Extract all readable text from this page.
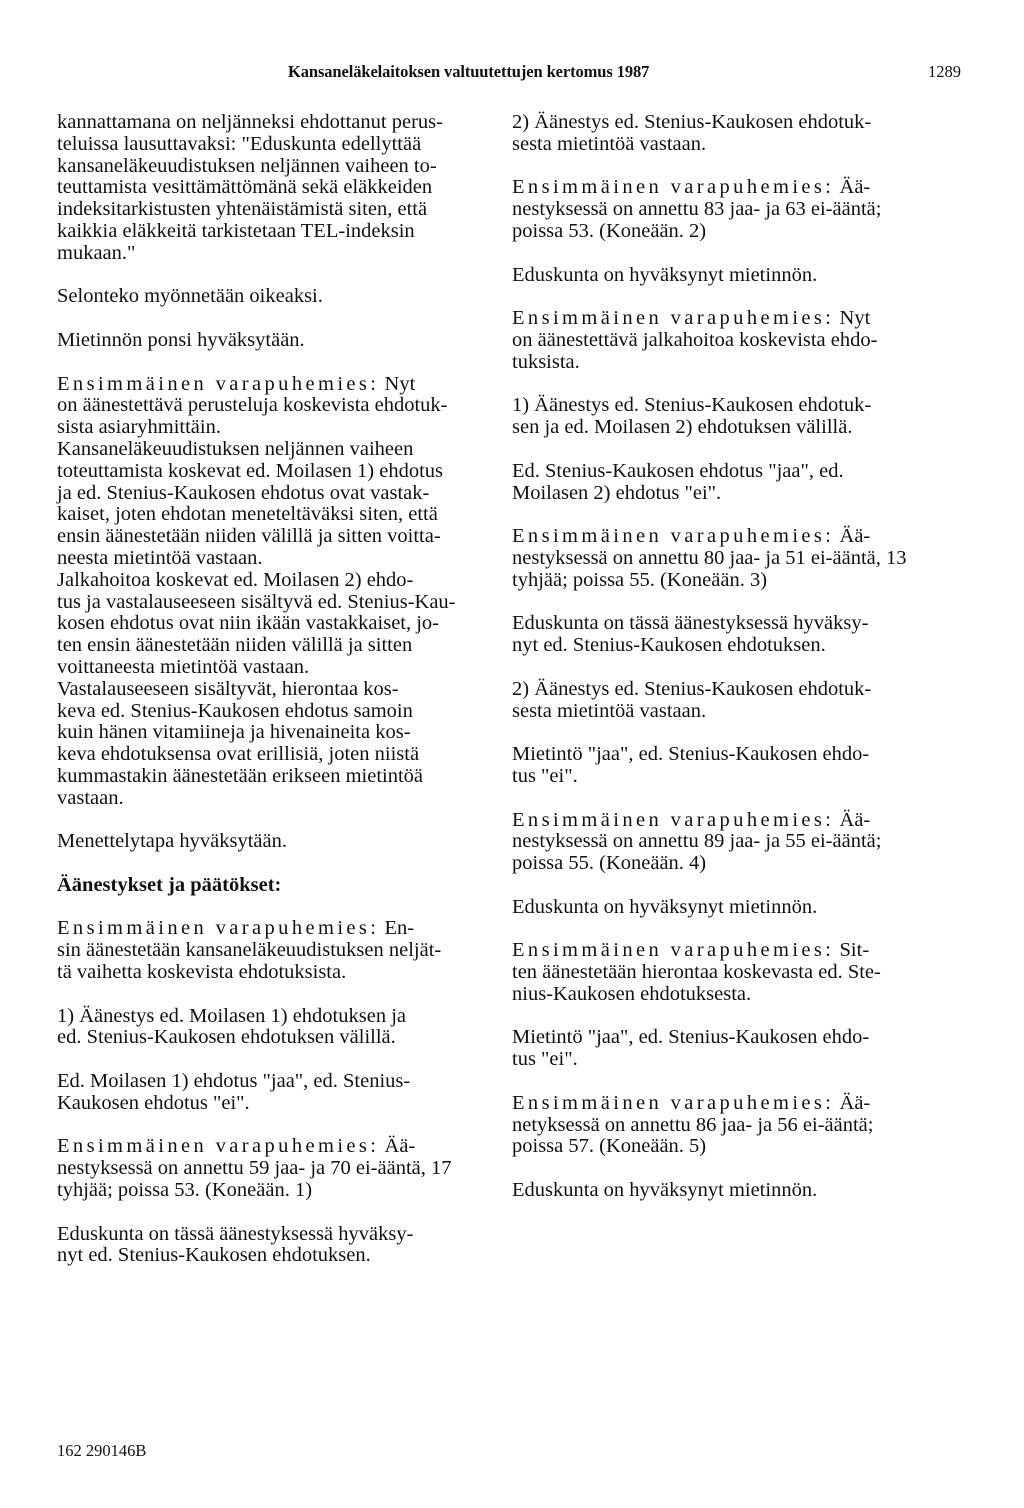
Kansaneläkelaitoksen valtuutettujen kertomus 1987	1289
kannattamana on neljänneksi ehdottanut perus-
teluissa lausuttavaksi: "Eduskunta edellyttää
kansaneläkeuudistuksen neljännen vaiheen to-
teuttamista vesittämättömänä sekä eläkkeiden
indeksitarkistusten yhtenäistämistä siten, että
kaikkia eläkkeitä tarkistetaan TEL-indeksin
mukaan."
Selonteko myönnetään oikeaksi.
Mietinnön ponsi hyväksytään.
Ensimmäinen varapuhemies: Nyt
on äänestettävä perusteluja koskevista ehdotuk-
sista asiaryhmittäin.
Kansaneläkeuudistuksen neljännen vaiheen
toteuttamista koskevat ed. Moilasen 1) ehdotus
ja ed. Stenius-Kaukosen ehdotus ovat vastak-
kaiset, joten ehdotan meneteltäväksi siten, että
ensin äänestetään niiden välillä ja sitten voitta-
neesta mietintöä vastaan.
Jalkahoitoa koskevat ed. Moilasen 2) ehdo-
tus ja vastalauseeseen sisältyvä ed. Stenius-Kau-
kosen ehdotus ovat niin ikään vastakkaiset, jo-
ten ensin äänestetään niiden välillä ja sitten
voittaneesta mietintöä vastaan.
Vastalauseeseen sisältyvät, hierontaa kos-
keva ed. Stenius-Kaukosen ehdotus samoin
kuin hänen vitamiineja ja hivenaineita kos-
keva ehdotuksensa ovat erillisiä, joten niistä
kummastakin äänestetään erikseen mietintöä
vastaan.
Menettelytapa hyväksytään.
Äänestykset ja päätökset:
Ensimmäinen varapuhemies: En-
sin äänestetään kansaneläkeuudistuksen neljät-
tä vaihetta koskevista ehdotuksista.
1) Äänestys ed. Moilasen 1) ehdotuksen ja
ed. Stenius-Kaukosen ehdotuksen välillä.
Ed. Moilasen 1) ehdotus "jaa", ed. Stenius-
Kaukosen ehdotus "ei".
Ensimmäinen varapuhemies: Ää-
nestyksessä on annettu 59 jaa- ja 70 ei-ääntä, 17
tyhjää; poissa 53. (Koneään. 1)
Eduskunta on tässä äänestyksessä hyväksy-
nyt ed. Stenius-Kaukosen ehdotuksen.
2) Äänestys ed. Stenius-Kaukosen ehdotuk-
sesta mietintöä vastaan.
Ensimmäinen varapuhemies: Ää-
nestyksessä on annettu 83 jaa- ja 63 ei-ääntä;
poissa 53. (Koneään. 2)
Eduskunta on hyväksynyt mietinnön.
Ensimmäinen varapuhemies: Nyt
on äänestettävä jalkahoitoa koskevista ehdo-
tuksista.
1) Äänestys ed. Stenius-Kaukosen ehdotuk-
sen ja ed. Moilasen 2) ehdotuksen välillä.
Ed. Stenius-Kaukosen ehdotus "jaa", ed.
Moilasen 2) ehdotus "ei".
Ensimmäinen varapuhemies: Ää-
nestyksessä on annettu 80 jaa- ja 51 ei-ääntä, 13
tyhjää; poissa 55. (Koneään. 3)
Eduskunta on tässä äänestyksessä hyväksy-
nyt ed. Stenius-Kaukosen ehdotuksen.
2) Äänestys ed. Stenius-Kaukosen ehdotuk-
sesta mietintöä vastaan.
Mietintö "jaa", ed. Stenius-Kaukosen ehdo-
tus "ei".
Ensimmäinen varapuhemies: Ää-
nestyksessä on annettu 89 jaa- ja 55 ei-ääntä;
poissa 55. (Koneään. 4)
Eduskunta on hyväksynyt mietinnön.
Ensimmäinen varapuhemies: Sit-
ten äänestetään hierontaa koskevasta ed. Ste-
nius-Kaukosen ehdotuksesta.
Mietintö "jaa", ed. Stenius-Kaukosen ehdo-
tus "ei".
Ensimmäinen varapuhemies: Ää-
netyksessä on annettu 86 jaa- ja 56 ei-ääntä;
poissa 57. (Koneään. 5)
Eduskunta on hyväksynyt mietinnön.
162 290146B
